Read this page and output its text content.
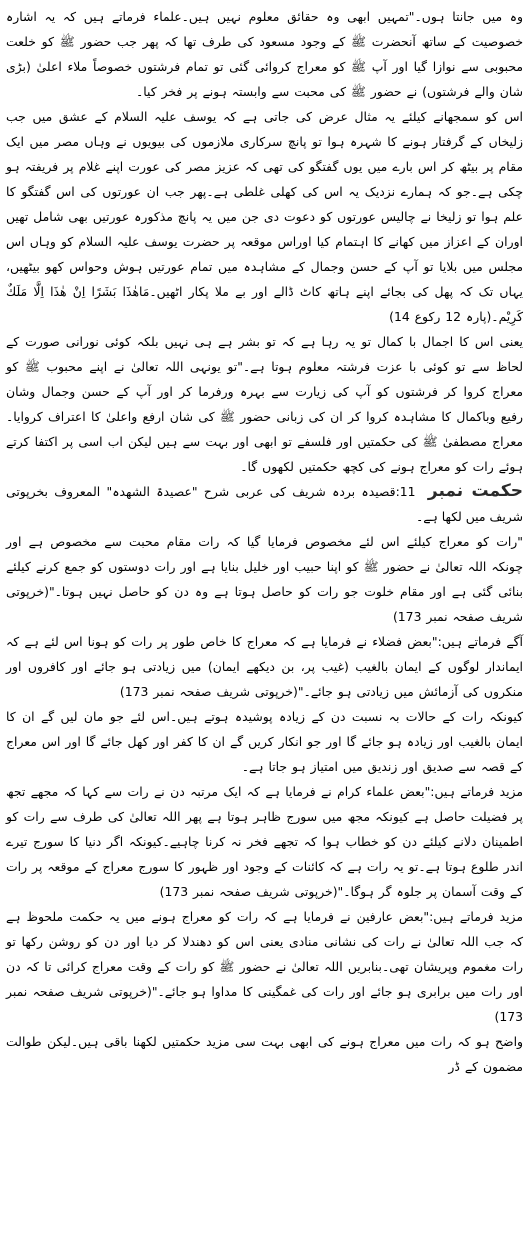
وہ میں جانتا ہوں۔"تمہیں ابھی وہ حقائق معلوم نہیں ہیں۔علماء فرماتے ہیں کہ یہ اشارہ خصوصیت کے ساتھ آنحضرت ﷺ کے وجود مسعود کی طرف تھا کہ پھر جب حضور ﷺ کو خلعت محبوبی سے نوازا گیا اور آپ ﷺ کو معراج کروائی گئی تو تمام فرشتوں خصوصاً ملاء اعلیٰ (بڑی شان والے فرشتوں) نے حضور ﷺ کی محبت سے وابستہ ہونے پر فخر کیا۔

اس کو سمجھانے کیلئے یہ مثال عرض کی جاتی ہے کہ یوسف علیہ السلام کے عشق میں جب زلیخاں کے گرفتار ہونے کا شہرہ ہوا تو پانچ سرکاری ملازموں کی بیویوں نے وہاں مصر میں ایک مقام پر بیٹھ کر اس بارے میں یوں گفتگو کی تھی کہ عزیز مصر کی عورت اپنے غلام پر فریفتہ ہو چکی ہے۔جو کہ ہمارے نزدیک یہ اس کی کھلی غلطی ہے۔پھر جب ان عورتوں کی اس گفتگو کا علم ہوا تو زلیخا نے چالیس عورتوں کو دعوت دی جن میں یہ پانچ مذکورہ عورتیں بھی شامل تھیں اوران کے اعزاز میں کھانے کا اہتمام کیا اوراس موقعہ پر حضرت یوسف علیہ السلام کو وہاں اس مجلس میں بلایا تو آپ کے حسن وجمال کے مشاہدہ میں تمام عورتیں ہوش وحواس کھو بیٹھیں، یہاں تک کہ پھل کی بجائے اپنے ہاتھ کاٹ ڈالے اور بے ملا پکار اٹھیں۔مَاهٰذَا بَشَرًا اِنْ هٰذَا اِلَّا مَلَكٌ كَرِيْم۔(پارہ 12 رکوع 14)

یعنی اس کا اجمال با کمال تو یہ رہا ہے کہ تو بشر ہے ہی نہیں بلکہ کوئی نورانی صورت کے لحاظ سے تو کوئی با عزت فرشتہ معلوم ہوتا ہے۔"تو یونہی اللہ تعالیٰ نے اپنے محبوب ﷺ کو معراج کروا کر فرشتوں کو آپ کی زیارت سے بہرہ ورفرما کر اور آپ کے حسن وجمال وشان رفیع وباکمال کا مشاہدہ کروا کر ان کی زبانی حضور ﷺ کی شان ارفع واعلیٰ کا اعتراف کروایا۔معراج مصطفیٰ ﷺ کی حکمتیں اور فلسفے تو ابھی اور بہت سے ہیں لیکن اب اسی پر اکتفا کرتے ہوئے رات کو معراج ہونے کی کچھ حکمتیں لکھوں گا۔

حکمت نمبر 11:قصیدہ بردہ شریف کی عربی شرح "عصیدۃ الشھدہ" المعروف بخرپوتی شریف میں لکھا ہے۔

"رات کو معراج کیلئے اس لئے مخصوص فرمایا گیا کہ رات مقام محبت سے مخصوص ہے اور چونکہ اللہ تعالیٰ نے حضور ﷺ کو اپنا حبیب اور خلیل بنایا ہے اور رات دوستوں کو جمع کرنے کیلئے بنائی گئی ہے اور مقام خلوت جو رات کو حاصل ہوتا ہے وہ دن کو حاصل نہیں ہوتا۔"(خرپوتی شریف صفحہ نمبر 173)

آگے فرماتے ہیں:"بعض فضلاء نے فرمایا ہے کہ معراج کا خاص طور پر رات کو ہونا اس لئے ہے کہ ایماندار لوگوں کے ایمان بالغیب (غیب پر، بن دیکھے ایمان) میں زیادتی ہو جائے اور کافروں اور منکروں کی آزمائش میں زیادتی ہو جائے۔"(خرپوتی شریف صفحہ نمبر 173)

کیونکہ رات کے حالات بہ نسبت دن کے زیادہ پوشیدہ ہوتے ہیں۔اس لئے جو مان لیں گے ان کا ایمان بالغیب اور زیادہ ہو جائے گا اور جو انکار کریں گے ان کا کفر اور کھل جائے گا اور اس معراج کے قصہ سے صدیق اور زندیق میں امتیاز ہو جاتا ہے۔

مزید فرماتے ہیں:"بعض علماء کرام نے فرمایا ہے کہ ایک مرتبہ دن نے رات سے کہا کہ مجھے تجھ پر فضیلت حاصل ہے کیونکہ مجھ میں سورج ظاہر ہوتا ہے پھر اللہ تعالیٰ کی طرف سے رات کو اطمینان دلانے کیلئے دن کو خطاب ہوا کہ تجھے فخر نہ کرنا چاہیے۔کیونکہ اگر دنیا کا سورج تیرے اندر طلوع ہوتا ہے۔تو یہ رات ہے کہ کائنات کے وجود اور ظہور کا سورج معراج کے موقعہ پر رات کے وقت آسمان پر جلوہ گر ہوگا۔"(خرپوتی شریف صفحہ نمبر 173)

مزید فرماتے ہیں:"بعض عارفین نے فرمایا ہے کہ رات کو معراج ہونے میں یہ حکمت ملحوظ ہے کہ جب اللہ تعالیٰ نے رات کی نشانی منادی یعنی اس کو دھندلا کر دیا اور دن کو روشن رکھا تو رات مغموم وپریشان تھی۔بنابریں اللہ تعالیٰ نے حضور ﷺ کو رات کے وقت معراج کرائی تا کہ دن اور رات میں برابری ہو جائے اور رات کی غمگینی کا مداوا ہو جائے۔"(خرپوتی شریف صفحہ نمبر 173)

واضح ہو کہ رات میں معراج ہونے کی ابھی بہت سی مزید حکمتیں لکھنا باقی ہیں۔لیکن طوالت مضمون کے ڈر
